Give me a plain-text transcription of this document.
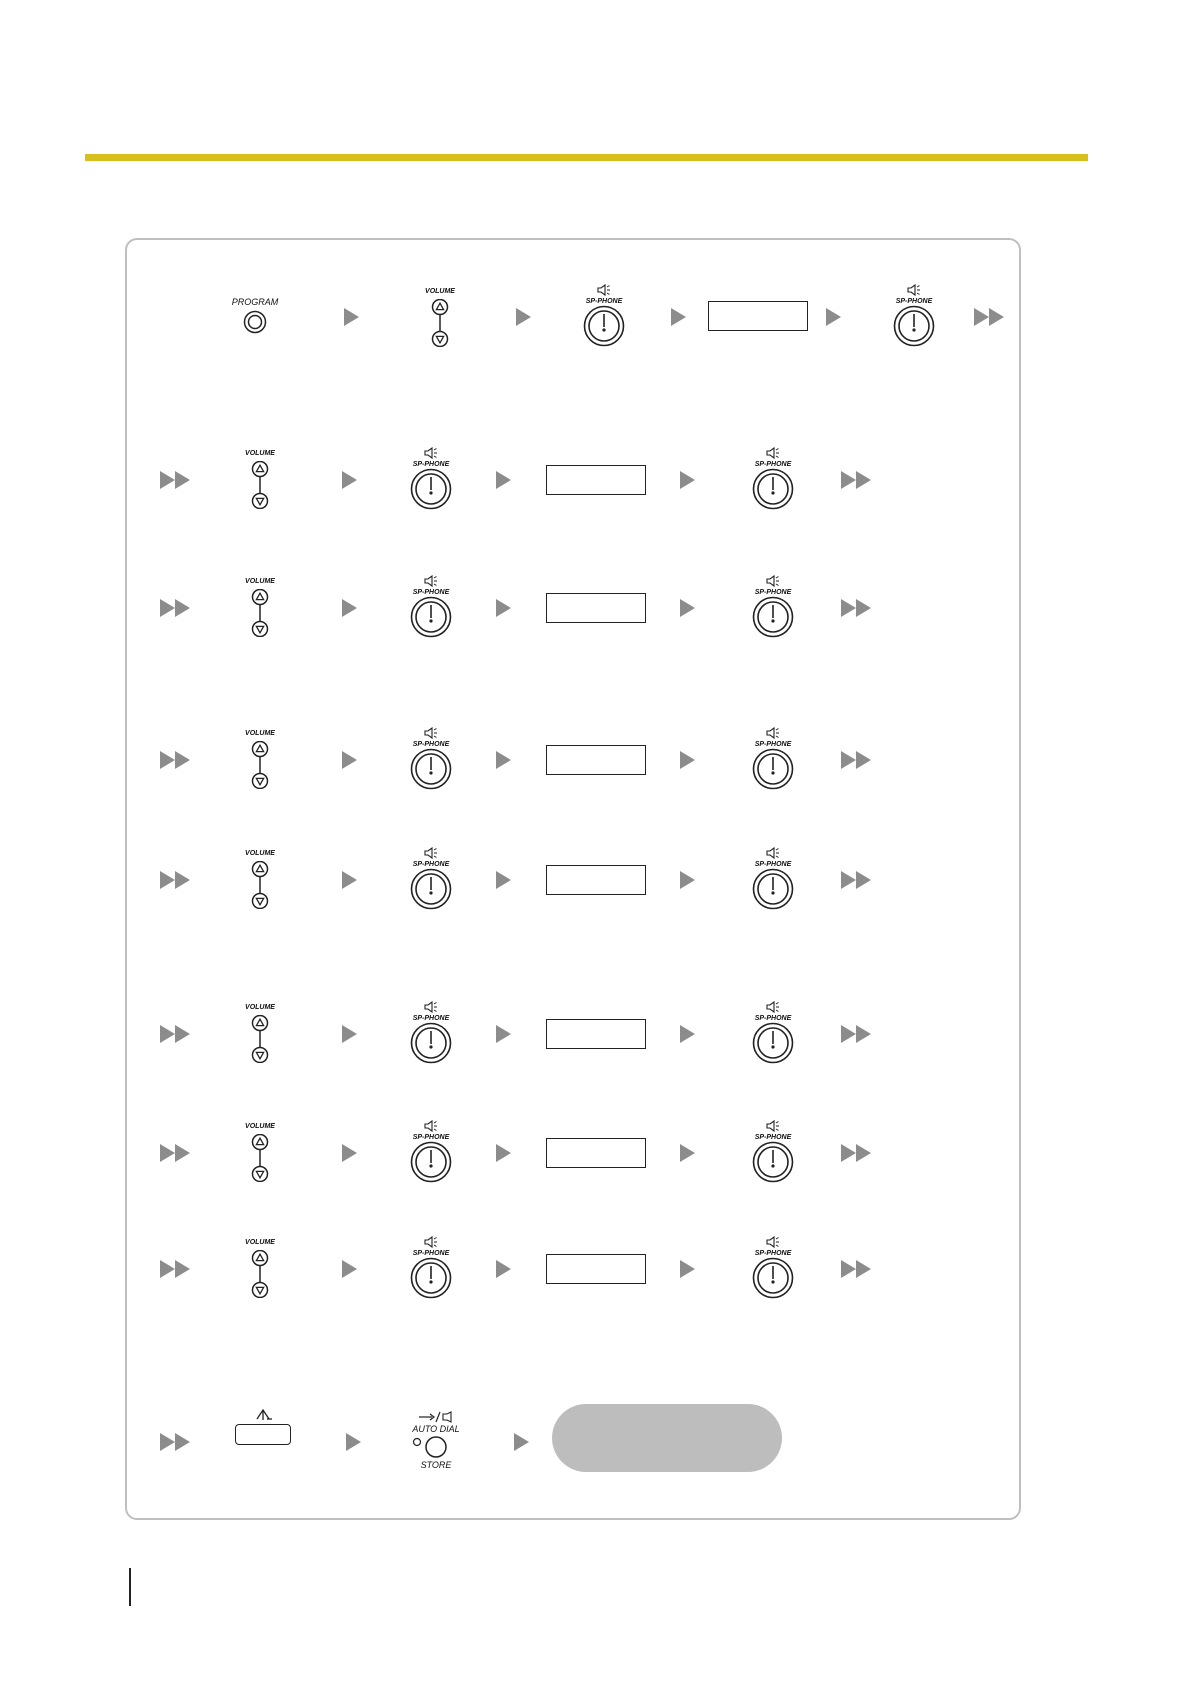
PROGRAM
VOLUME
SP-PHONE	SP-PHONE
VOLUME
SP-PHONE	SP-PHONE
VOLUME
SP-PHONE	SP-PHONE
VOLUME
SP-PHONE	SP-PHONE
VOLUME
SP-PHONE	SP-PHONE
VOLUME
SP-PHONE	SP-PHONE
VOLUME
SP-PHONE	SP-PHONE
VOLUME
SP-PHONE	SP-PHONE
AUTO DIAL
STORE
